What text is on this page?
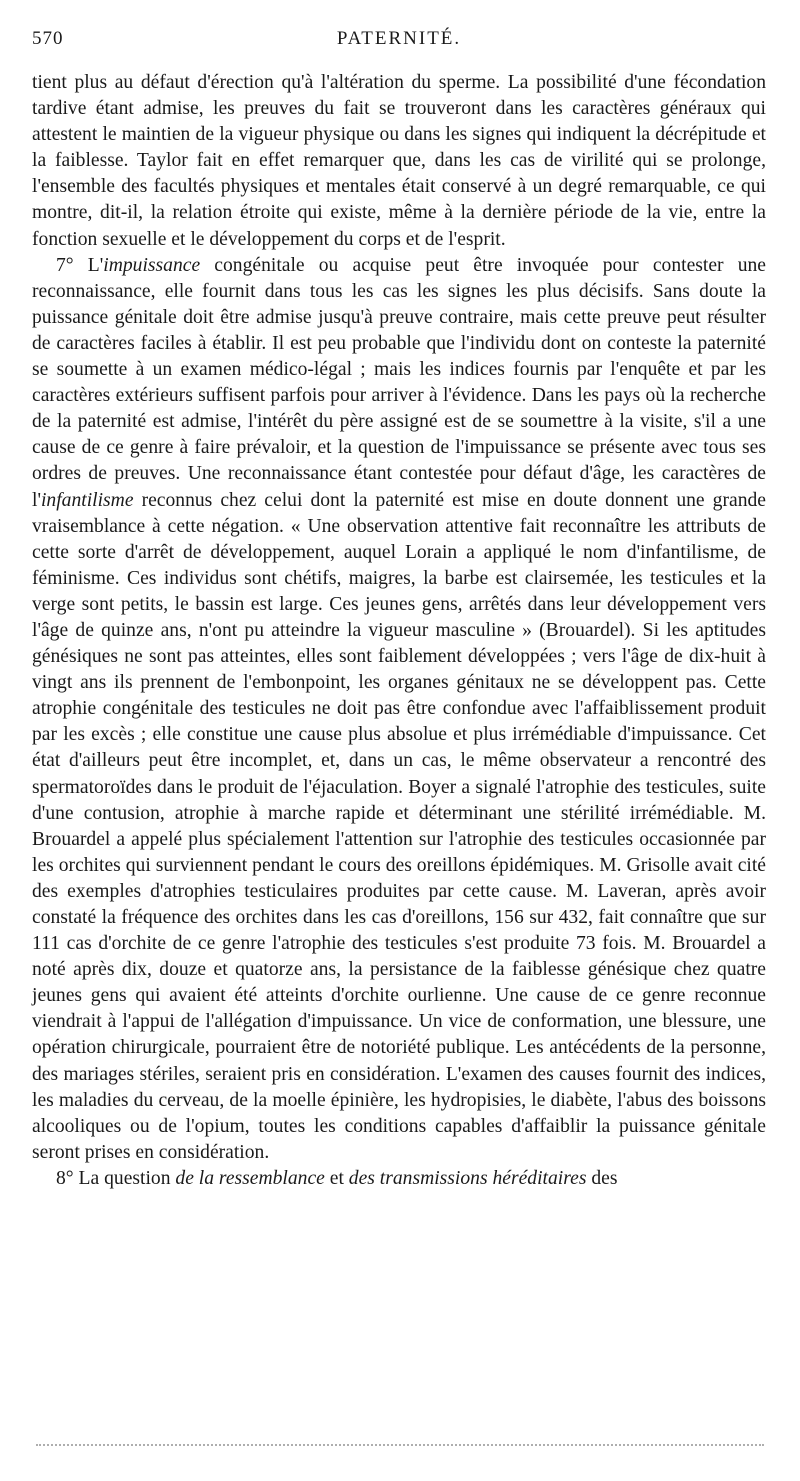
570	PATERNITÉ.

tient plus au défaut d'érection qu'à l'altération du sperme. La possibilité d'une fécondation tardive étant admise, les preuves du fait se trouveront dans les caractères généraux qui attestent le maintien de la vigueur physique ou dans les signes qui indiquent la décrépitude et la faiblesse. Taylor fait en effet remarquer que, dans les cas de virilité qui se prolonge, l'ensemble des facultés physiques et mentales était conservé à un degré remarquable, ce qui montre, dit-il, la relation étroite qui existe, même à la dernière période de la vie, entre la fonction sexuelle et le développement du corps et de l'esprit.

7° L'impuissance congénitale ou acquise peut être invoquée pour contester une reconnaissance, elle fournit dans tous les cas les signes les plus décisifs. Sans doute la puissance génitale doit être admise jusqu'à preuve contraire, mais cette preuve peut résulter de caractères faciles à établir. Il est peu probable que l'individu dont on conteste la paternité se soumette à un examen médico-légal ; mais les indices fournis par l'enquête et par les caractères extérieurs suffisent parfois pour arriver à l'évidence. Dans les pays où la recherche de la paternité est admise, l'intérêt du père assigné est de se soumettre à la visite, s'il a une cause de ce genre à faire prévaloir, et la question de l'impuissance se présente avec tous ses ordres de preuves. Une reconnaissance étant contestée pour défaut d'âge, les caractères de l'infantilisme reconnus chez celui dont la paternité est mise en doute donnent une grande vraisemblance à cette négation. « Une observation attentive fait reconnaître les attributs de cette sorte d'arrêt de développement, auquel Lorain a appliqué le nom d'infantilisme, de féminisme. Ces individus sont chétifs, maigres, la barbe est clairsemée, les testicules et la verge sont petits, le bassin est large. Ces jeunes gens, arrêtés dans leur développement vers l'âge de quinze ans, n'ont pu atteindre la vigueur masculine » (Brouardel). Si les aptitudes génésiques ne sont pas atteintes, elles sont faiblement développées ; vers l'âge de dix-huit à vingt ans ils prennent de l'embonpoint, les organes génitaux ne se développent pas. Cette atrophie congénitale des testicules ne doit pas être confondue avec l'affaiblissement produit par les excès ; elle constitue une cause plus absolue et plus irrémédiable d'impuissance. Cet état d'ailleurs peut être incomplet, et, dans un cas, le même observateur a rencontré des spermatoroïdes dans le produit de l'éjaculation. Boyer a signalé l'atrophie des testicules, suite d'une contusion, atrophie à marche rapide et déterminant une stérilité irrémédiable. M. Brouardel a appelé plus spécialement l'attention sur l'atrophie des testicules occasionnée par les orchites qui surviennent pendant le cours des oreillons épidémiques. M. Grisolle avait cité des exemples d'atrophies testiculaires produites par cette cause. M. Laveran, après avoir constaté la fréquence des orchites dans les cas d'oreillons, 156 sur 432, fait connaître que sur 111 cas d'orchite de ce genre l'atrophie des testicules s'est produite 73 fois. M. Brouardel a noté après dix, douze et quatorze ans, la persistance de la faiblesse génésique chez quatre jeunes gens qui avaient été atteints d'orchite ourlienne. Une cause de ce genre reconnue viendrait à l'appui de l'allégation d'impuissance. Un vice de conformation, une blessure, une opération chirurgicale, pourraient être de notoriété publique. Les antécédents de la personne, des mariages stériles, seraient pris en considération. L'examen des causes fournit des indices, les maladies du cerveau, de la moelle épinière, les hydropisies, le diabète, l'abus des boissons alcooliques ou de l'opium, toutes les conditions capables d'affaiblir la puissance génitale seront prises en considération.

8° La question de la ressemblance et des transmissions héréditaires des
